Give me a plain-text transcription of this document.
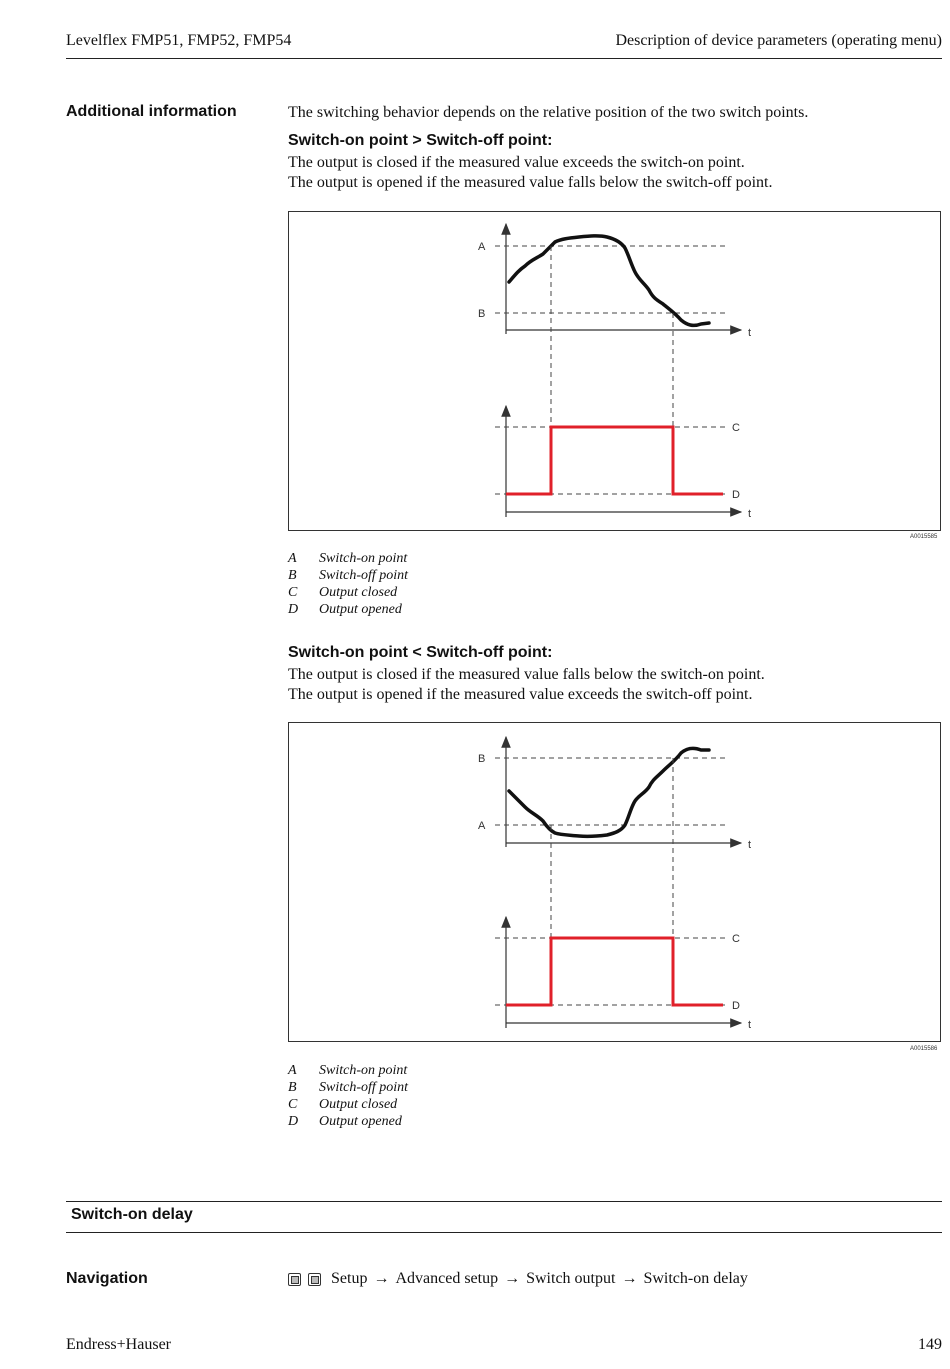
Levelflex FMP51, FMP52, FMP54	Description of device parameters (operating menu)
Additional information	The switching behavior depends on the relative position of the two switch points.
Switch-on point > Switch-off point:
The output is closed if the measured value exceeds the switch-on point.
The output is opened if the measured value falls below the switch-off point.
A
B
t
C
D
t
A0015585
A	Switch-on point
B	Switch-off point
C	Output closed
D	Output opened
Switch-on point < Switch-off point:
The output is closed if the measured value falls below the switch-on point.
The output is opened if the measured value exceeds the switch-off point.
B
A
t
C
D
t
A0015586
A	Switch-on point
B	Switch-off point
C	Output closed
D	Output opened
Switch-on delay
Navigation	Setup → Advanced setup → Switch output → Switch-on delay
Endress+Hauser	149
